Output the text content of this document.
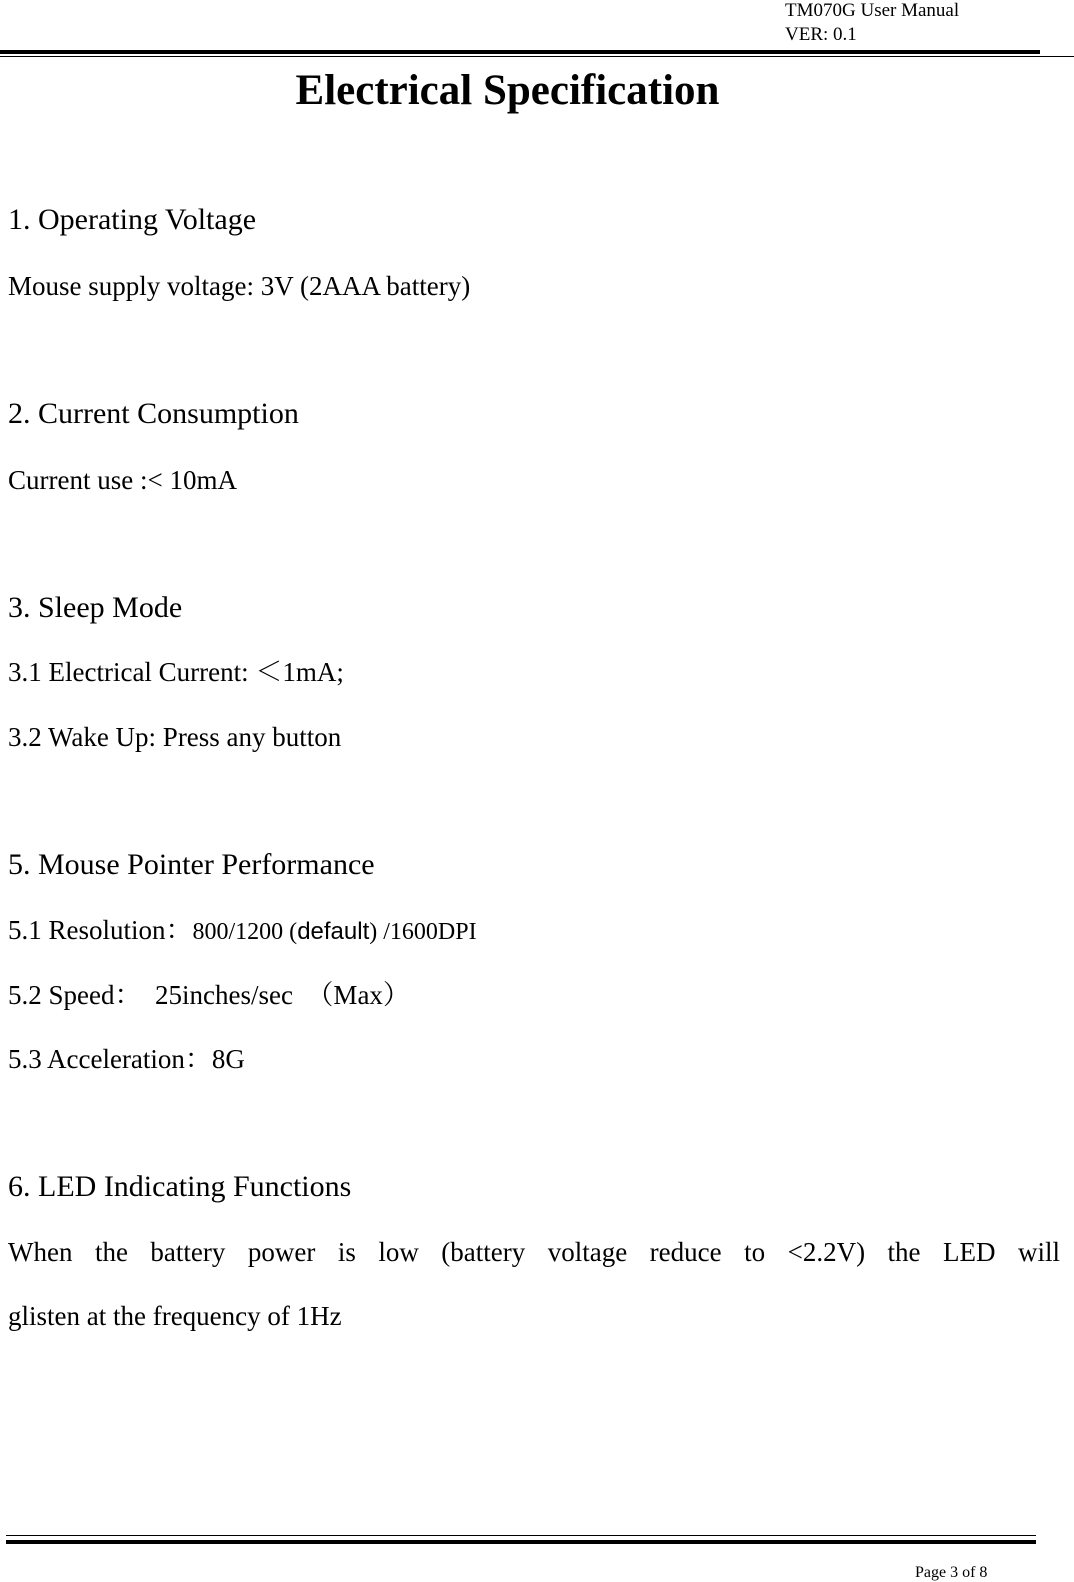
TM070G User Manual
VER: 0.1
Electrical Specification
1. Operating Voltage
Mouse supply voltage: 3V (2AAA battery)
2. Current Consumption
Current use :< 10mA
3. Sleep Mode
3.1 Electrical Current: ＜1mA;
3.2 Wake Up: Press any button
5. Mouse Pointer Performance
5.1 Resolution：800/1200 (default) /1600DPI
5.2 Speed：  25inches/sec  （Max）
5.3 Acceleration：8G
6. LED Indicating Functions
When the battery power is low (battery voltage reduce to <2.2V) the LED will
glisten at the frequency of 1Hz
Page 3 of 8
